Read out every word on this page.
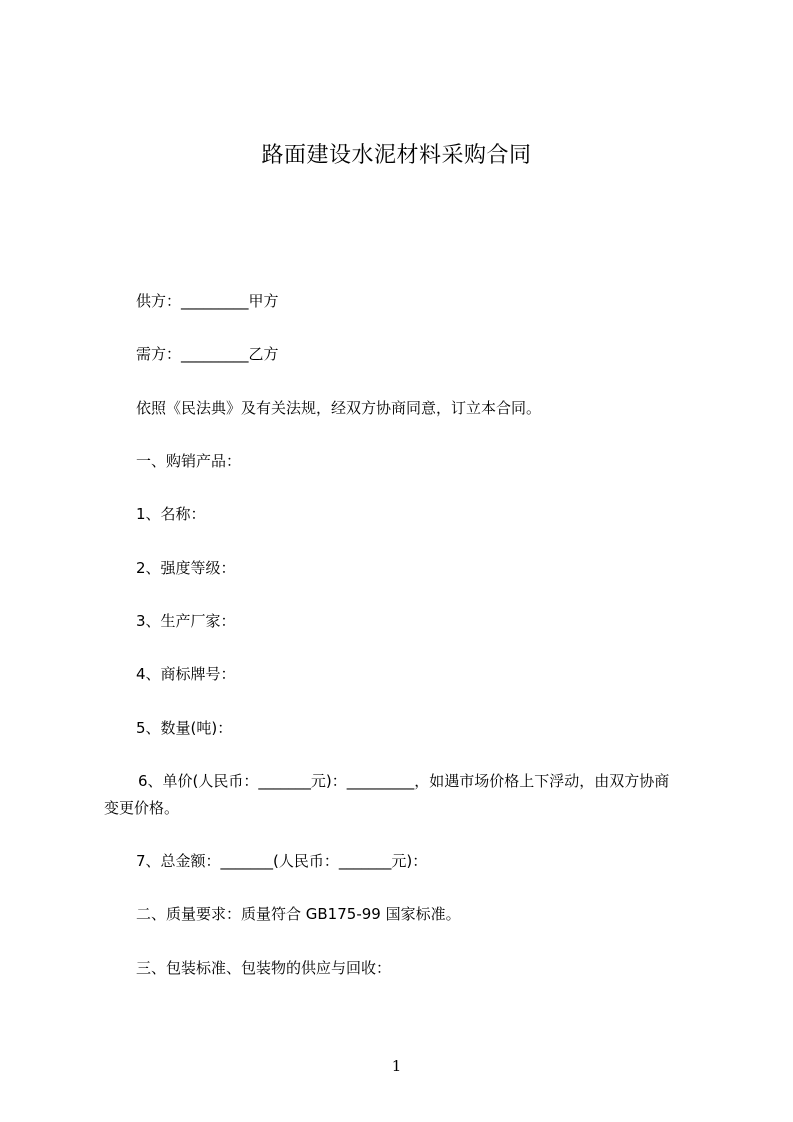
路面建设水泥材料采购合同
供方：_________甲方
需方：_________乙方
依照《民法典》及有关法规，经双方协商同意，订立本合同。
一、购销产品：
1、名称：
2、强度等级：
3、生产厂家：
4、商标牌号：
5、数量(吨)：
6、单价(人民币：_______元)：_________，如遇市场价格上下浮动，由双方协商
变更价格。
7、总金额：_______(人民币：_______元)：
二、质量要求：质量符合 GB175-99 国家标准。
三、包装标准、包装物的供应与回收：
1
